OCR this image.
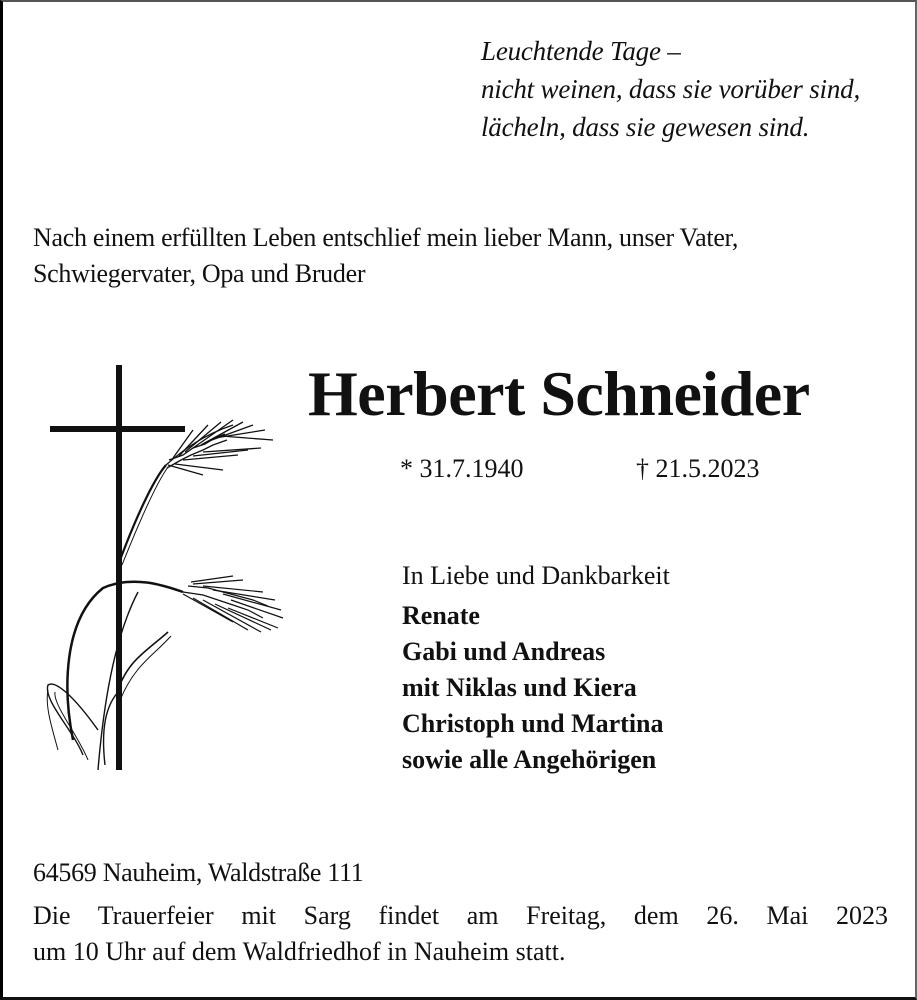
Leuchtende Tage –
nicht weinen, dass sie vorüber sind,
lächeln, dass sie gewesen sind.
Nach einem erfüllten Leben entschlief mein lieber Mann, unser Vater,
Schwiegervater, Opa und Bruder
Herbert Schneider
* 31.7.1940	† 21.5.2023
In Liebe und Dankbarkeit
Renate
Gabi und Andreas
mit Niklas und Kiera
Christoph und Martina
sowie alle Angehörigen
64569 Nauheim, Waldstraße 111
Die Trauerfeier mit Sarg findet am Freitag, dem 26. Mai 2023
um 10 Uhr auf dem Waldfriedhof in Nauheim statt.
